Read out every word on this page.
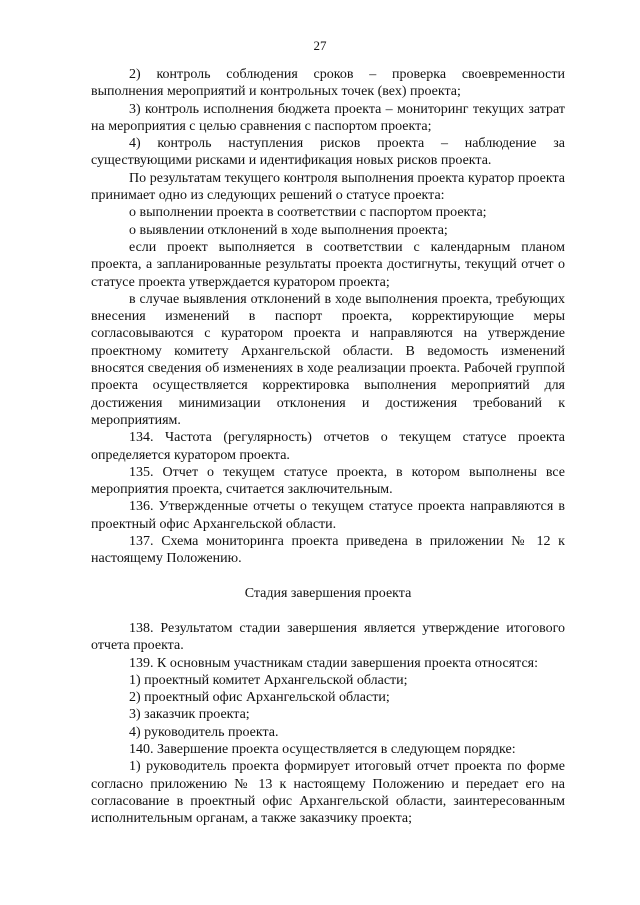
27

2) контроль соблюдения сроков – проверка своевременности выполнения мероприятий и контрольных точек (вех) проекта;

3) контроль исполнения бюджета проекта – мониторинг текущих затрат на мероприятия с целью сравнения с паспортом проекта;

4) контроль наступления рисков проекта – наблюдение за существующими рисками и идентификация новых рисков проекта.

По результатам текущего контроля выполнения проекта куратор проекта принимает одно из следующих решений о статусе проекта:

о выполнении проекта в соответствии с паспортом проекта;

о выявлении отклонений в ходе выполнения проекта;

если проект выполняется в соответствии с календарным планом проекта, а запланированные результаты проекта достигнуты, текущий отчет о статусе проекта утверждается куратором проекта;

в случае выявления отклонений в ходе выполнения проекта, требующих внесения изменений в паспорт проекта, корректирующие меры согласовываются с куратором проекта и направляются на утверждение проектному комитету Архангельской области. В ведомость изменений вносятся сведения об изменениях в ходе реализации проекта. Рабочей группой проекта осуществляется корректировка выполнения мероприятий для достижения минимизации отклонения и достижения требований к мероприятиям.

134. Частота (регулярность) отчетов о текущем статусе проекта определяется куратором проекта.

135. Отчет о текущем статусе проекта, в котором выполнены все мероприятия проекта, считается заключительным.

136. Утвержденные отчеты о текущем статусе проекта направляются в проектный офис Архангельской области.

137. Схема мониторинга проекта приведена в приложении № 12 к настоящему Положению.

Стадия завершения проекта

138. Результатом стадии завершения является утверждение итогового отчета проекта.

139. К основным участникам стадии завершения проекта относятся:

1) проектный комитет Архангельской области;

2) проектный офис Архангельской области;

3) заказчик проекта;

4) руководитель проекта.

140. Завершение проекта осуществляется в следующем порядке:

1) руководитель проекта формирует итоговый отчет проекта по форме согласно приложению № 13 к настоящему Положению и передает его на согласование в проектный офис Архангельской области, заинтересованным исполнительным органам, а также заказчику проекта;
